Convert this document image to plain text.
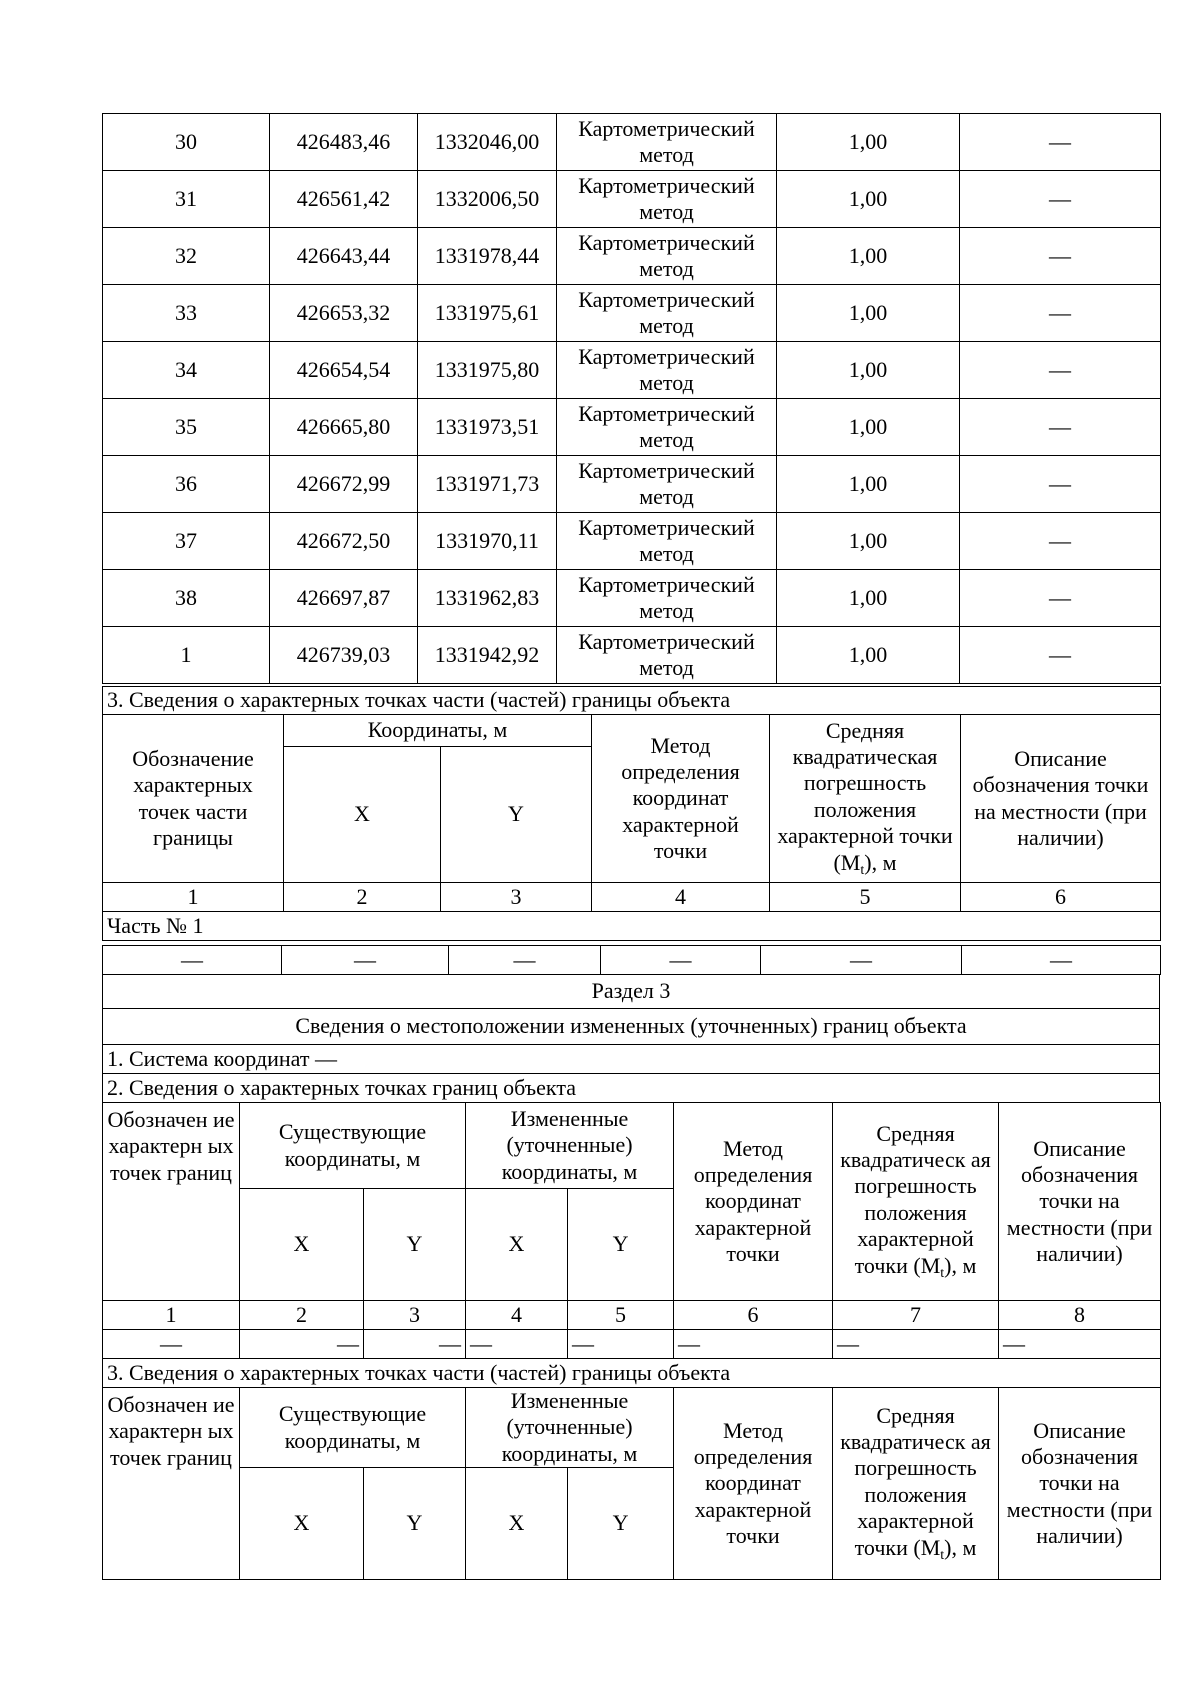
30	426483,46	1332046,00	Картометрический метод	1,00	—
31	426561,42	1332006,50	Картометрический метод	1,00	—
32	426643,44	1331978,44	Картометрический метод	1,00	—
33	426653,32	1331975,61	Картометрический метод	1,00	—
34	426654,54	1331975,80	Картометрический метод	1,00	—
35	426665,80	1331973,51	Картометрический метод	1,00	—
36	426672,99	1331971,73	Картометрический метод	1,00	—
37	426672,50	1331970,11	Картометрический метод	1,00	—
38	426697,87	1331962,83	Картометрический метод	1,00	—
1	426739,03	1331942,92	Картометрический метод	1,00	—
3. Сведения о характерных точках части (частей) границы объекта					
Обозначение характерных точек части границы	Координаты, м		Метод определения координат характерной точки	Средняя квадратическая погрешность положения характерной точки $(M_t)$, м	Описание обозначения точки на местности (при наличии)
	X	Y			
1	2	3	4	5	6
Часть № 1					
—	—	—	—	—	—
Раздел 3
Сведения о местоположении измененных (уточненных) границ объекта
1. Система координат —
2. Сведения о характерных точках границ объекта
Обозначен ие характерн ых точек границ	Существующие координаты, м		Измененные (уточненные) координаты, м		Метод определения координат характерной точки	Средняя квадратическ ая погрешность положения характерной точки $(M_t)$, м	Описание обозначения точки на местности (при наличии)
	X	Y	X	Y			
1	2	3	4	5	6	7	8
—	—	—	—	—	—	—	—
3. Сведения о характерных точках части (частей) границы объекта							
Обозначен ие характерн ых точек границ	Существующие координаты, м		Измененные (уточненные) координаты, м		Метод определения координат характерной точки	Средняя квадратическ ая погрешность положения характерной точки $(M_t)$, м	Описание обозначения точки на местности (при наличии)
	X	Y	X	Y			
